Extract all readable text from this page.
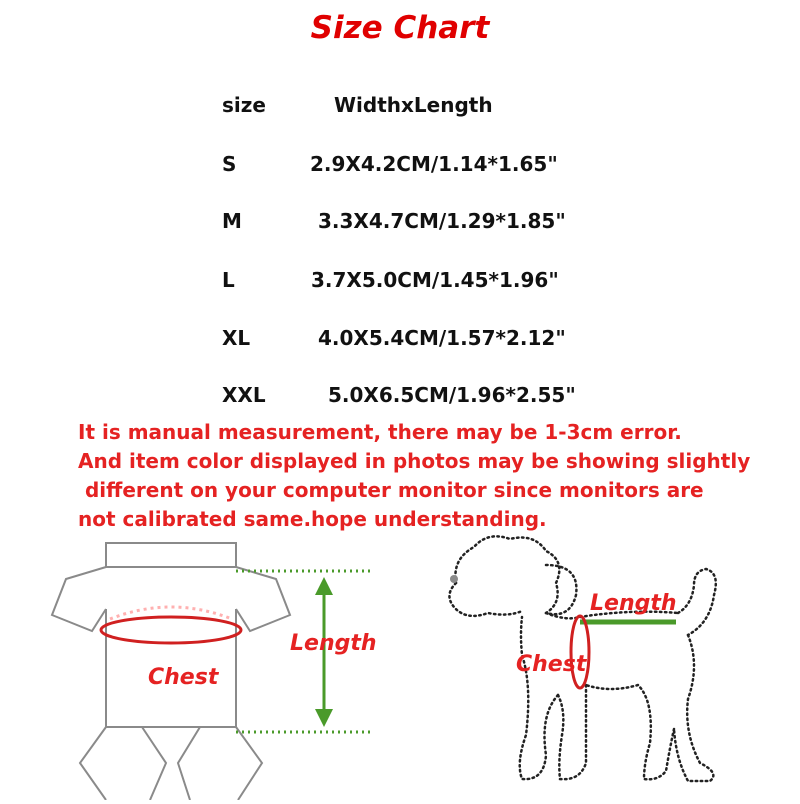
Size Chart
size	WidthxLength
S	2.9X4.2CM/1.14*1.65"
M	3.3X4.7CM/1.29*1.85"
L	3.7X5.0CM/1.45*1.96"
XL	4.0X5.4CM/1.57*2.12"
XXL	5.0X6.5CM/1.96*2.55"
It is manual measurement, there may be 1-3cm error.
And item color displayed in photos may be showing slightly
different on your computer monitor since monitors are
not calibrated same.hope understanding.
Chest
Length
Length
Chest
